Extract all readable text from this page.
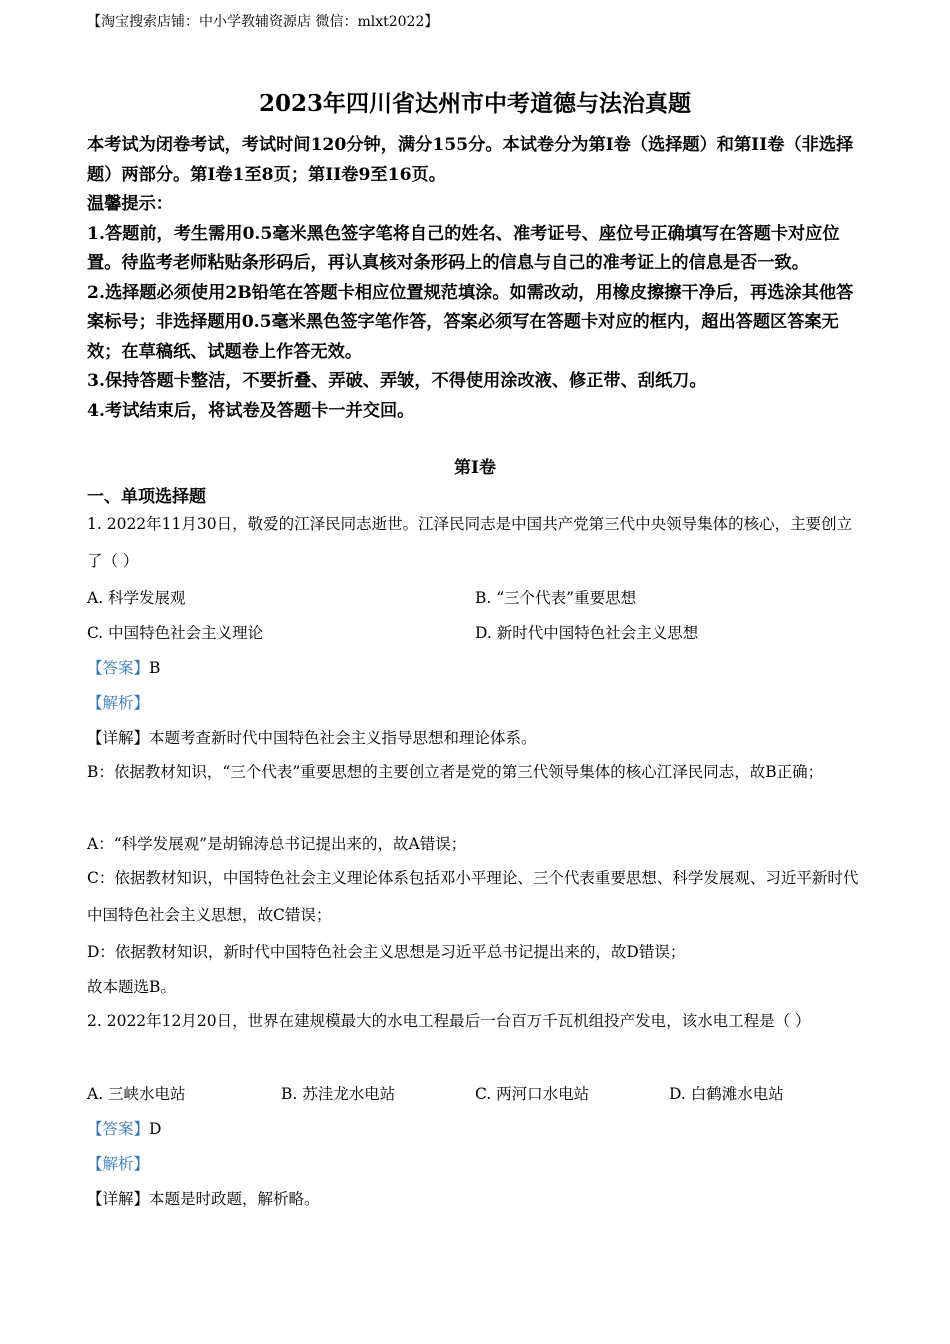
【淘宝搜索店铺：中小学教辅资源店 微信：mlxt2022】
2023年四川省达州市中考道德与法治真题

本考试为闭卷考试，考试时间120分钟，满分155分。本试卷分为第I卷（选择题）和第II卷（非选择题）两部分。第I卷1至8页；第II卷9至16页。

温馨提示：

1.答题前，考生需用0.5毫米黑色签字笔将自己的姓名、准考证号、座位号正确填写在答题卡对应位置。待监考老师粘贴条形码后，再认真核对条形码上的信息与自己的准考证上的信息是否一致。

2.选择题必须使用2B铅笔在答题卡相应位置规范填涂。如需改动，用橡皮擦擦干净后，再选涂其他答案标号；非选择题用0.5毫米黑色签字笔作答，答案必须写在答题卡对应的框内，超出答题区答案无效；在草稿纸、试题卷上作答无效。

3.保持答题卡整洁，不要折叠、弄破、弄皱，不得使用涂改液、修正带、刮纸刀。

4.考试结束后，将试卷及答题卡一并交回。

第I卷
一、单项选择题
1. 2022年11月30日，敬爱的江泽民同志逝世。江泽民同志是中国共产党第三代中央领导集体的核心，主要创立了（ ）
A. 科学发展观	B. “三个代表”重要思想
C. 中国特色社会主义理论	D. 新时代中国特色社会主义思想
【答案】B
【解析】
【详解】本题考查新时代中国特色社会主义指导思想和理论体系。
B：依据教材知识，“三个代表”重要思想的主要创立者是党的第三代领导集体的核心江泽民同志，故B正确；
A：“科学发展观”是胡锦涛总书记提出来的，故A错误；
C：依据教材知识，中国特色社会主义理论体系包括邓小平理论、三个代表重要思想、科学发展观、习近平新时代中国特色社会主义思想，故C错误；
D：依据教材知识，新时代中国特色社会主义思想是习近平总书记提出来的，故D错误；
故本题选B。
2. 2022年12月20日，世界在建规模最大的水电工程最后一台百万千瓦机组投产发电，该水电工程是（ ）
A. 三峡水电站	B. 苏洼龙水电站	C. 两河口水电站	D. 白鹤滩水电站
【答案】D
【解析】
【详解】本题是时政题，解析略。
